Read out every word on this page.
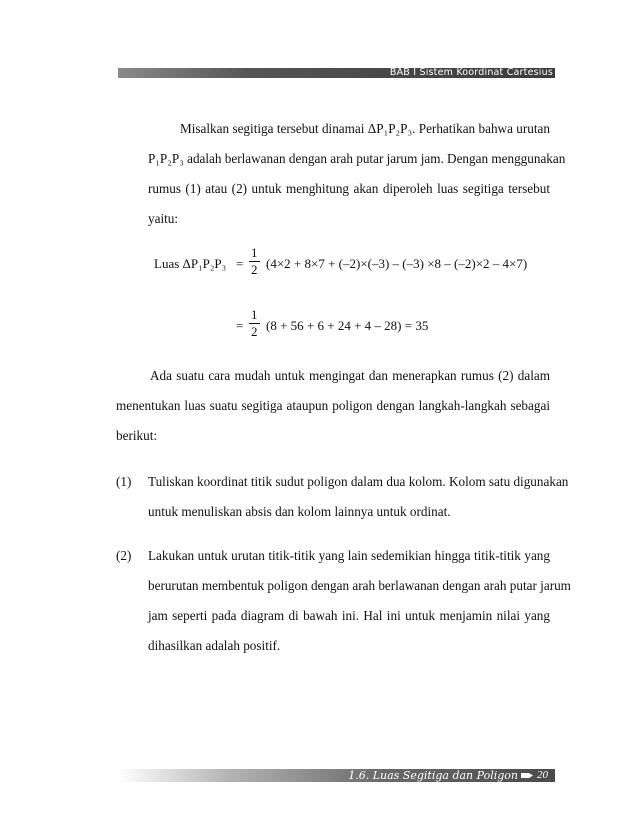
BAB I Sistem Koordinat Cartesius
Misalkan segitiga tersebut dinamai ΔP₁P₂P₃. Perhatikan bahwa urutan
P₁P₂P₃ adalah berlawanan dengan arah putar jarum jam. Dengan menggunakan
rumus (1) atau (2) untuk menghitung akan diperoleh luas segitiga tersebut
yaitu:
Luas $\Delta P_1P_2P_3 = \frac{1}{2} (4\times 2 + 8\times 7 + (-2)\times(-3) - (-3) \times 8 - (-2)\times 2 - 4\times 7)$
= $\frac{1}{2} (8 + 56 + 6 + 24 + 4 - 28) = 35$
Ada suatu cara mudah untuk mengingat dan menerapkan rumus (2) dalam
menentukan luas suatu segitiga ataupun poligon dengan langkah-langkah sebagai
berikut:
(1)	Tuliskan koordinat titik sudut poligon dalam dua kolom. Kolom satu digunakan
untuk menuliskan absis dan kolom lainnya untuk ordinat.
(2)	Lakukan untuk urutan titik-titik yang lain sedemikian hingga titik-titik yang
berurutan membentuk poligon dengan arah berlawanan dengan arah putar jarum
jam seperti pada diagram di bawah ini. Hal ini untuk menjamin nilai yang
dihasilkan adalah positif.
1.6. Luas Segitiga dan Poligon 20
